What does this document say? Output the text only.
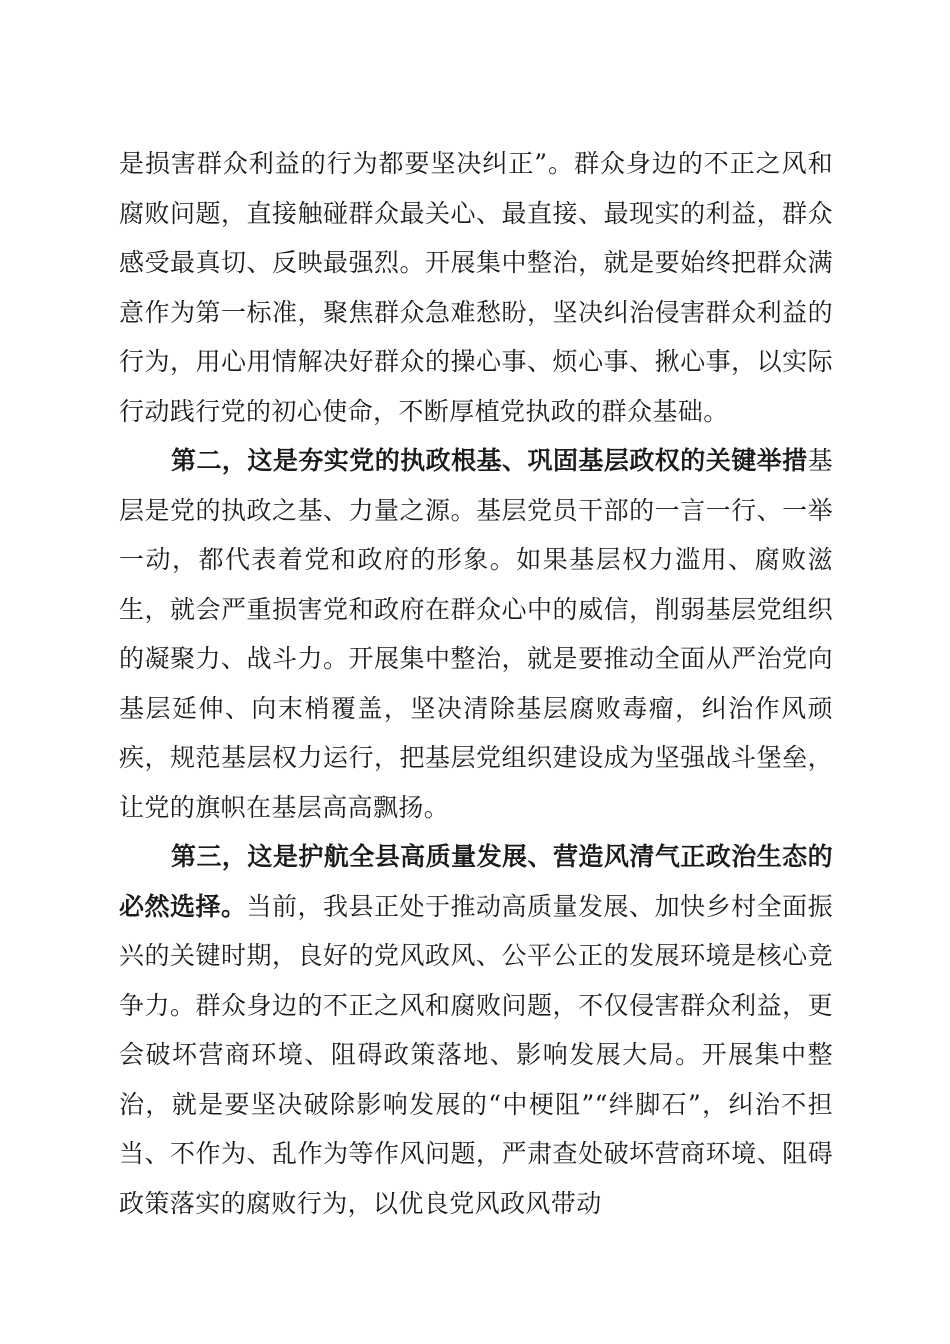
是损害群众利益的行为都要坚决纠正”。群众身边的不正之风和腐败问题，直接触碰群众最关心、最直接、最现实的利益，群众感受最真切、反映最强烈。开展集中整治，就是要始终把群众满意作为第一标准，聚焦群众急难愁盼，坚决纠治侵害群众利益的行为，用心用情解决好群众的操心事、烦心事、揪心事，以实际行动践行党的初心使命，不断厚植党执政的群众基础。

第二，这是夯实党的执政根基、巩固基层政权的关键举措基层是党的执政之基、力量之源。基层党员干部的一言一行、一举一动，都代表着党和政府的形象。如果基层权力滥用、腐败滋生，就会严重损害党和政府在群众心中的威信，削弱基层党组织的凝聚力、战斗力。开展集中整治，就是要推动全面从严治党向基层延伸、向末梢覆盖，坚决清除基层腐败毒瘤，纠治作风顽疾，规范基层权力运行，把基层党组织建设成为坚强战斗堡垒，让党的旗帜在基层高高飘扬。

第三，这是护航全县高质量发展、营造风清气正政治生态的必然选择。当前，我县正处于推动高质量发展、加快乡村全面振兴的关键时期，良好的党风政风、公平公正的发展环境是核心竞争力。群众身边的不正之风和腐败问题，不仅侵害群众利益，更会破坏营商环境、阻碍政策落地、影响发展大局。开展集中整治，就是要坚决破除影响发展的“中梗阻”“绊脚石”，纠治不担当、不作为、乱作为等作风问题，严肃查处破坏营商环境、阻碍政策落实的腐败行为，以优良党风政风带动
